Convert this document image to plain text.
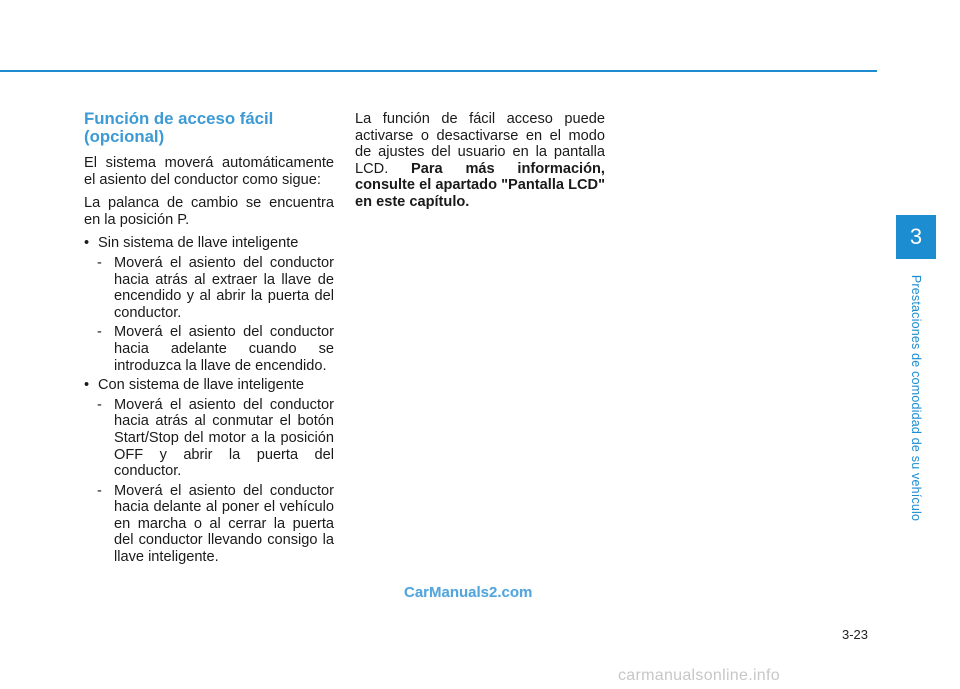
Función de acceso fácil (opcional)

El sistema moverá automáticamente el asiento del conductor como sigue:

La palanca de cambio se encuentra en la posición P.

• Sin sistema de llave inteligente
- Moverá el asiento del conductor hacia atrás al extraer la llave de encendido y al abrir la puerta del conductor.
- Moverá el asiento del conductor hacia adelante cuando se introduzca la llave de encendido.
• Con sistema de llave inteligente
- Moverá el asiento del conductor hacia atrás al conmutar el botón Start/Stop del motor a la posición OFF y abrir la puerta del conductor.
- Moverá el asiento del conductor hacia delante al poner el vehículo en marcha o al cerrar la puerta del conductor llevando consigo la llave inteligente.

La función de fácil acceso puede activarse o desactivarse en el modo de ajustes del usuario en la pantalla LCD. Para más información, consulte el apartado "Pantalla LCD" en este capítulo.

3
Prestaciones de comodidad de su vehículo
CarManuals2.com
3-23
carmanualsonline.info
